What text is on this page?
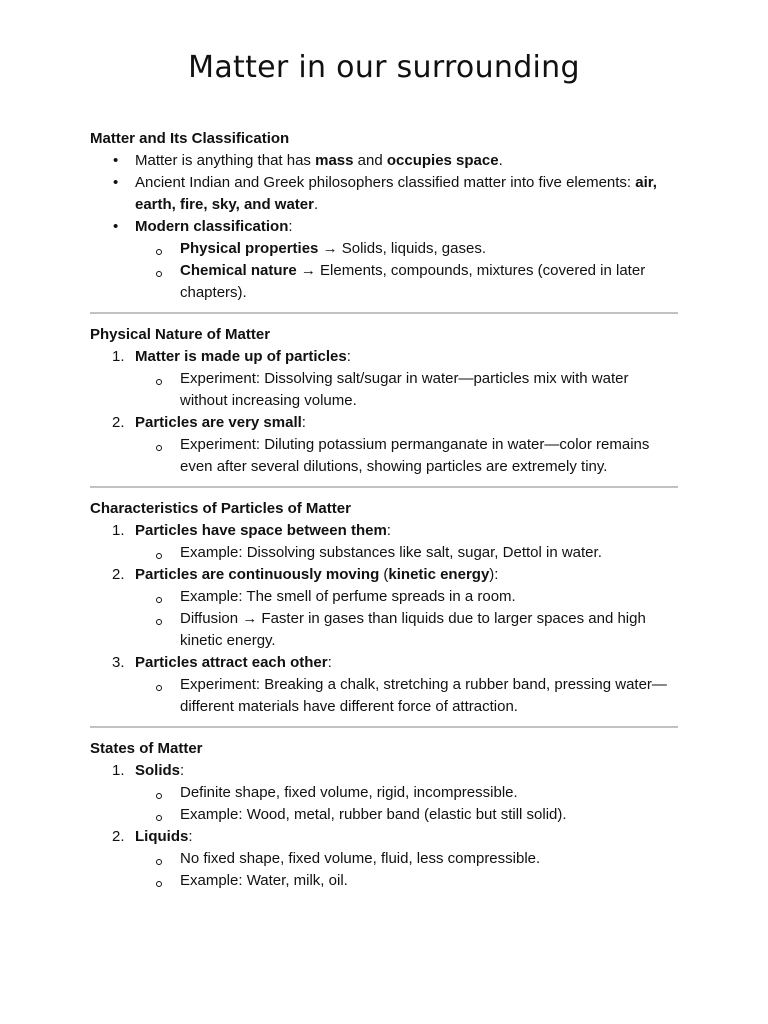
Matter in our surrounding
Matter and Its Classification
• Matter is anything that has mass and occupies space.
• Ancient Indian and Greek philosophers classified matter into five elements: air, earth, fire, sky, and water.
• Modern classification:
Physical properties → Solids, liquids, gases.
Chemical nature → Elements, compounds, mixtures (covered in later chapters).
Physical Nature of Matter
1. Matter is made up of particles:
Experiment: Dissolving salt/sugar in water—particles mix with water without increasing volume.
2. Particles are very small:
Experiment: Diluting potassium permanganate in water—color remains even after several dilutions, showing particles are extremely tiny.
Characteristics of Particles of Matter
1. Particles have space between them:
Example: Dissolving substances like salt, sugar, Dettol in water.
2. Particles are continuously moving (kinetic energy):
Example: The smell of perfume spreads in a room.
Diffusion → Faster in gases than liquids due to larger spaces and high kinetic energy.
3. Particles attract each other:
Experiment: Breaking a chalk, stretching a rubber band, pressing water—different materials have different force of attraction.
States of Matter
1. Solids:
Definite shape, fixed volume, rigid, incompressible.
Example: Wood, metal, rubber band (elastic but still solid).
2. Liquids:
No fixed shape, fixed volume, fluid, less compressible.
Example: Water, milk, oil.
